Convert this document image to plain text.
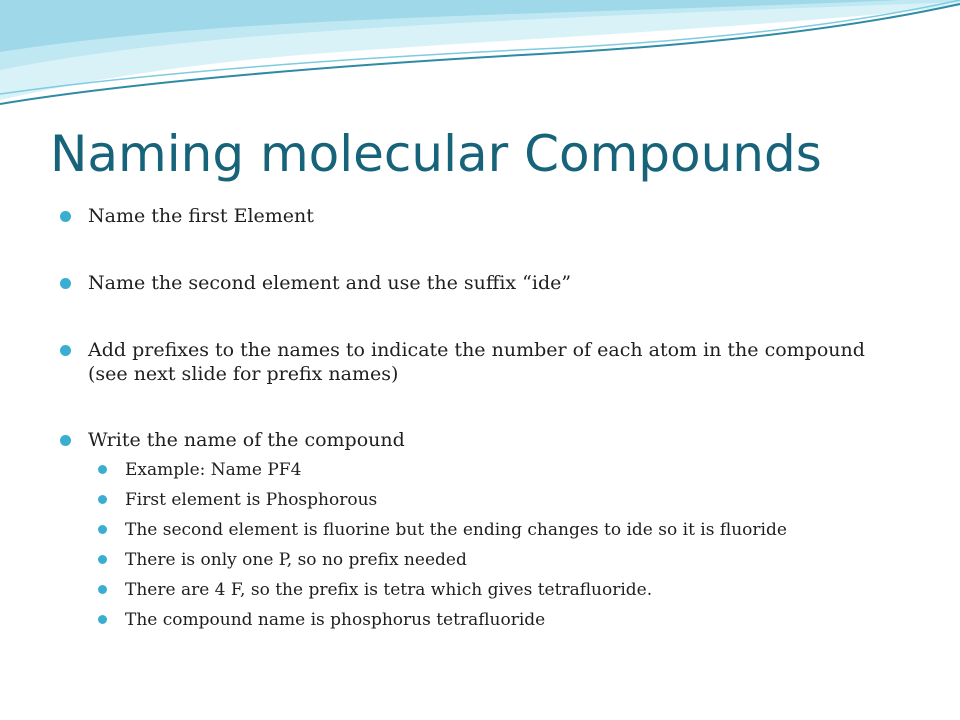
Naming molecular Compounds
Name the first Element
Name the second element and use the suffix “ide”
Add prefixes to the names to indicate the number of each atom in the compound (see next slide for prefix names)
Write the name of the compound
Example: Name PF4
First element is Phosphorous
The second element is fluorine but the ending changes to ide so it is fluoride
There is only one P, so no prefix needed
There are 4 F, so the prefix is tetra which gives tetrafluoride.
The compound name is phosphorus tetrafluoride
